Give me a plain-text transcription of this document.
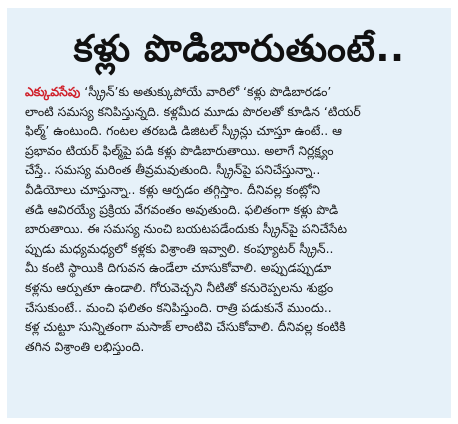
కళ్లు పొడిబారుతుంటే..
ఎక్కువసేపు ‘స్క్రీన్’కు అతుక్కుపోయే వారిలో ‘కళ్లు పొడిబారడం’
లాంటి సమస్య కనిపిస్తున్నది. కళ్లమీద మూడు పొరలతో కూడిన ‘టియర్
ఫిల్మ్’ ఉంటుంది. గంటల తరబడి డిజిటల్ స్క్రీన్లు చూస్తూ ఉంటే.. ఆ
ప్రభావం టియర్ ఫిల్మ్‌పై పడి కళ్లు పొడిబారుతాయి. అలాగే నిర్లక్ష్యం
చేస్తే.. సమస్య మరింత తీవ్రమవుతుంది. స్క్రీన్‌పై పనిచేస్తున్నా..
వీడియోలు చూస్తున్నా.. కళ్లు ఆర్పడం తగ్గిస్తాం. దీనివల్ల కంట్లోని
తడి ఆవిరయ్యే ప్రక్రియ వేగవంతం అవుతుంది. ఫలితంగా కళ్లు పొడి
బారుతాయి. ఈ సమస్య నుంచి బయటపడేందుకు స్క్రీన్‌పై పనిచేసేట
ప్పుడు మధ్యమధ్యలో కళ్లకు విశ్రాంతి ఇవ్వాలి. కంప్యూటర్ స్క్రీన్..
మీ కంటి స్థాయికి దిగువన ఉండేలా చూసుకోవాలి. అప్పుడప్పుడూ
కళ్లను ఆర్పుతూ ఉండాలి. గోరువెచ్చని నీటితో కనురెప్పలను శుభ్రం
చేసుకుంటే.. మంచి ఫలితం కనిపిస్తుంది. రాత్రి పడుకునే ముందు..
కళ్ల చుట్టూ సున్నితంగా మసాజ్ లాంటివి చేసుకోవాలి. దీనివల్ల కంటికి
తగిన విశ్రాంతి లభిస్తుంది.
